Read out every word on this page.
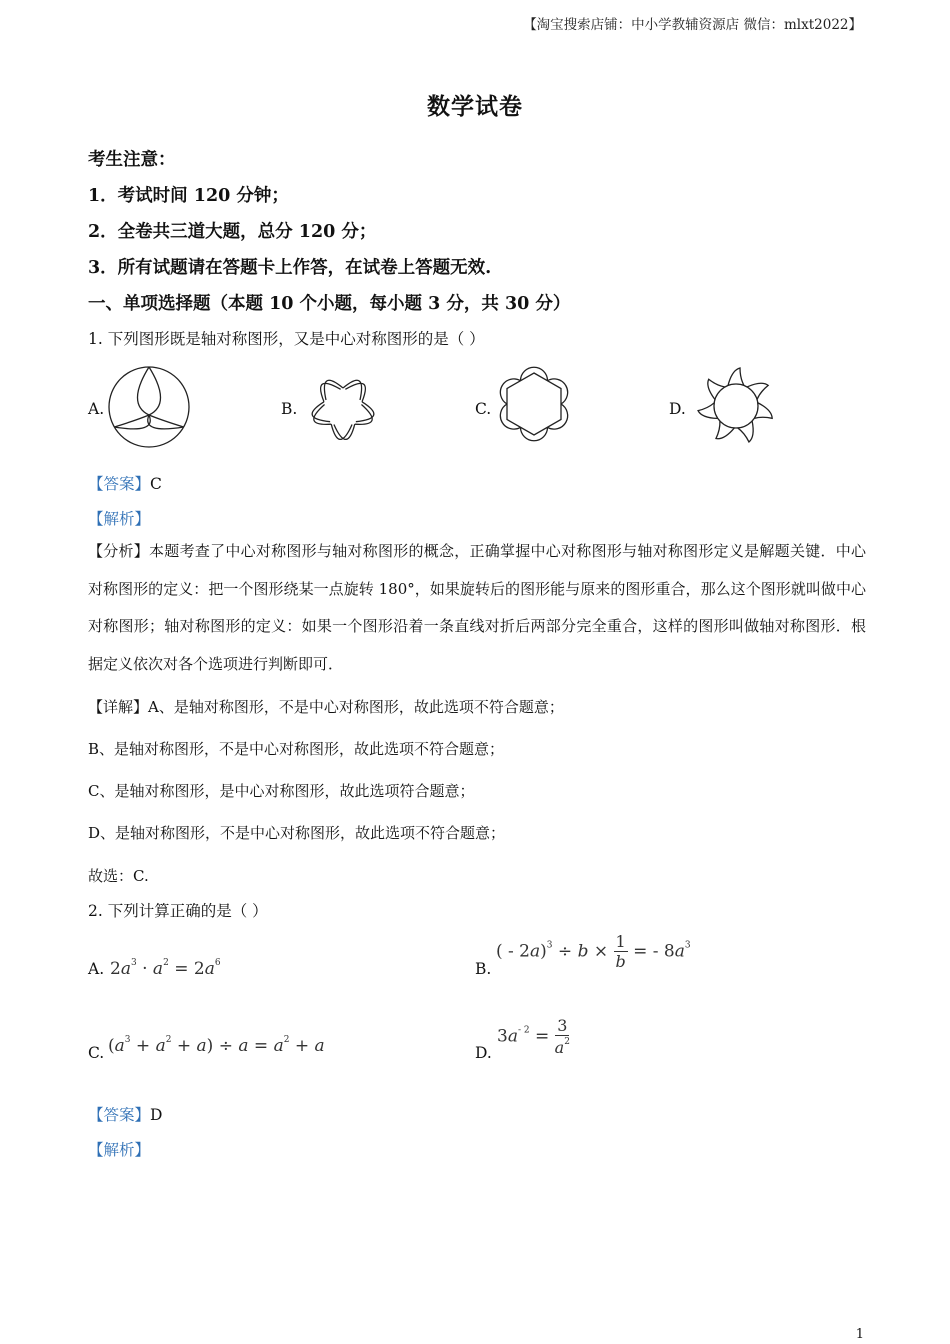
【淘宝搜索店铺：中小学教辅资源店 微信：mlxt2022】
数学试卷
考生注意：
1．考试时间 120 分钟；
2．全卷共三道大题，总分 120 分；
3．所有试题请在答题卡上作答，在试卷上答题无效.
一、单项选择题（本题 10 个小题，每小题 3 分，共 30 分）
1. 下列图形既是轴对称图形，又是中心对称图形的是（ ）
A.	B.	C.	D.
【答案】C
【解析】
【分析】本题考查了中心对称图形与轴对称图形的概念，正确掌握中心对称图形与轴对称图形定义是解题关键．中心对称图形的定义：把一个图形绕某一点旋转 180°，如果旋转后的图形能与原来的图形重合，那么这个图形就叫做中心对称图形；轴对称图形的定义：如果一个图形沿着一条直线对折后两部分完全重合，这样的图形叫做轴对称图形．根据定义依次对各个选项进行判断即可．
【详解】A、是轴对称图形，不是中心对称图形，故此选项不符合题意；
B、是轴对称图形，不是中心对称图形，故此选项不符合题意；
C、是轴对称图形，是中心对称图形，故此选项符合题意；
D、是轴对称图形，不是中心对称图形，故此选项不符合题意；
故选：C.
2. 下列计算正确的是（ ）
A. $2a^3 \cdot a^2 = 2a^6$	B.
( - $2a)^3 \div b \times \frac{1}{b}$ = - $8a^3$
C. $(a^3 + a^2 + a) \div a = a^2 + a$	D.
$3a^{- 2} = \frac{3}{a^2}$
【答案】D
【解析】
1
